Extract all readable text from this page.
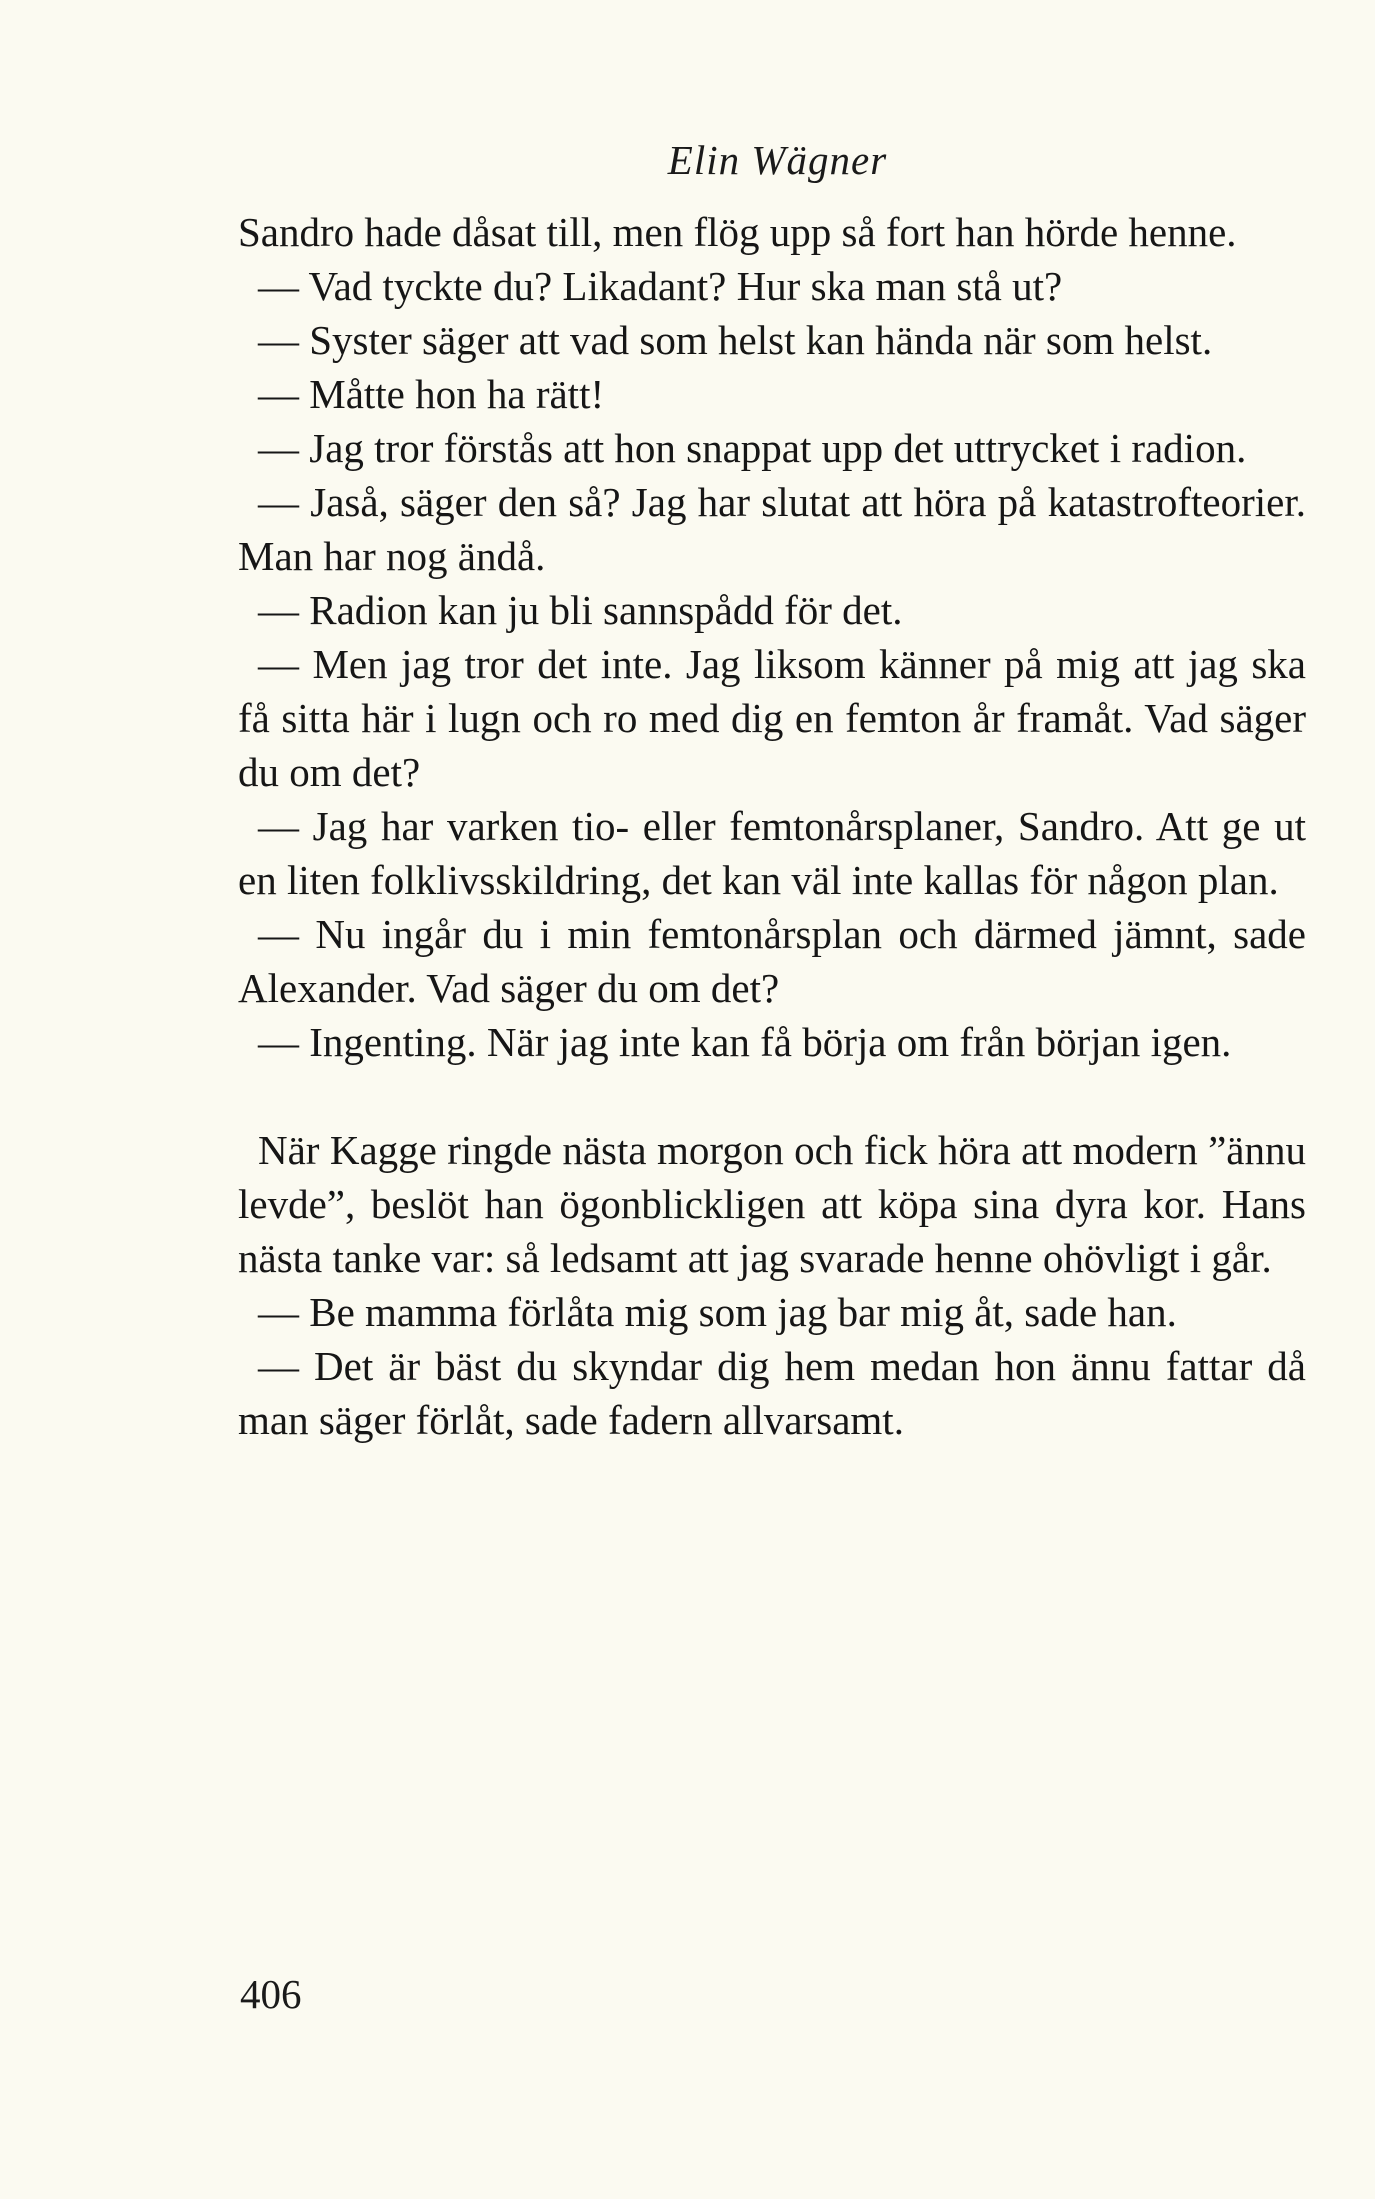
Elin Wägner

Sandro hade dåsat till, men flög upp så fort han hörde henne.

— Vad tyckte du? Likadant? Hur ska man stå ut?

— Syster säger att vad som helst kan hända när som helst.

— Måtte hon ha rätt!

— Jag tror förstås att hon snappat upp det uttrycket i radion.

— Jaså, säger den så? Jag har slutat att höra på katastrofteorier. Man har nog ändå.

— Radion kan ju bli sannspådd för det.

— Men jag tror det inte. Jag liksom känner på mig att jag ska få sitta här i lugn och ro med dig en femton år framåt. Vad säger du om det?

— Jag har varken tio- eller femtonårsplaner, Sandro. Att ge ut en liten folklivsskildring, det kan väl inte kallas för någon plan.

— Nu ingår du i min femtonårsplan och därmed jämnt, sade Alexander. Vad säger du om det?

— Ingenting. När jag inte kan få börja om från början igen.

När Kagge ringde nästa morgon och fick höra att modern ”ännu levde”, beslöt han ögonblickligen att köpa sina dyra kor. Hans nästa tanke var: så ledsamt att jag svarade henne ohövligt i går.

— Be mamma förlåta mig som jag bar mig åt, sade han.

— Det är bäst du skyndar dig hem medan hon ännu fattar då man säger förlåt, sade fadern allvarsamt.

406
